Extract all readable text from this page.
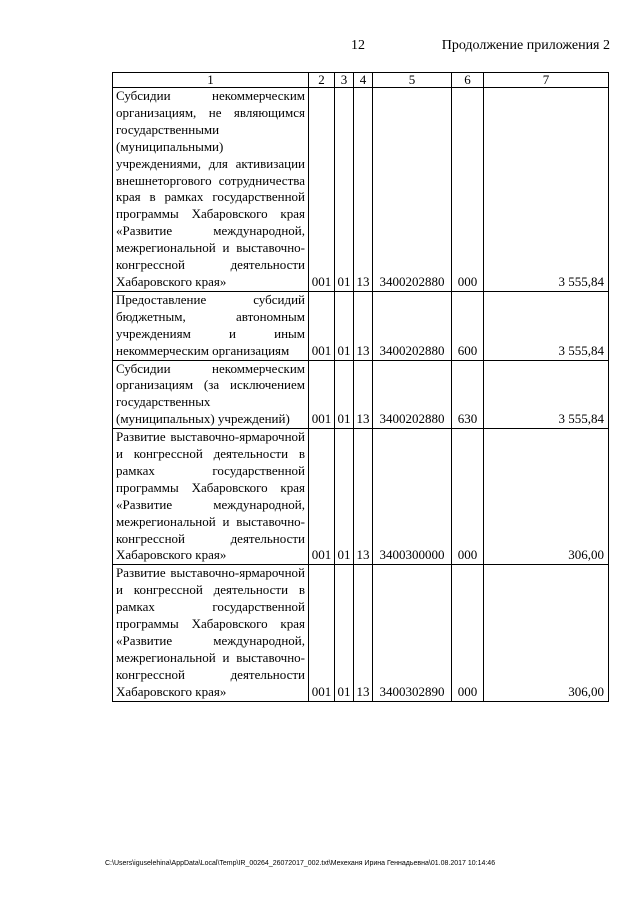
12	Продолжение приложения 2
1	2	3	4	5	6	7
Субсидии некоммерческим организациям, не являющимся государственными (муниципальными) учреждениями, для активизации внешнеторгового сотрудничества края в рамках государственной программы Хабаровского края «Развитие международной, межрегиональной и выставочно-конгрессной деятельности Хабаровского края»	001	01	13	3400202880	000	3 555,84
Предоставление субсидий бюджетным, автономным учреждениям и иным некоммерческим организациям	001	01	13	3400202880	600	3 555,84
Субсидии некоммерческим организациям (за исключением государственных (муниципальных) учреждений)	001	01	13	3400202880	630	3 555,84
Развитие выставочно-ярмарочной и конгрессной деятельности в рамках государственной программы Хабаровского края «Развитие международной, межрегиональной и выставочно-конгрессной деятельности Хабаровского края»	001	01	13	3400300000	000	306,00
Развитие выставочно-ярмарочной и конгрессной деятельности в рамках государственной программы Хабаровского края «Развитие международной, межрегиональной и выставочно-конгрессной деятельности Хабаровского края»	001	01	13	3400302890	000	306,00
C:\Users\iguselehina\AppData\Local\Temp\IR_00264_26072017_002.txt\Мехеханя Ирина Геннадьевна\01.08.2017 10:14:46
